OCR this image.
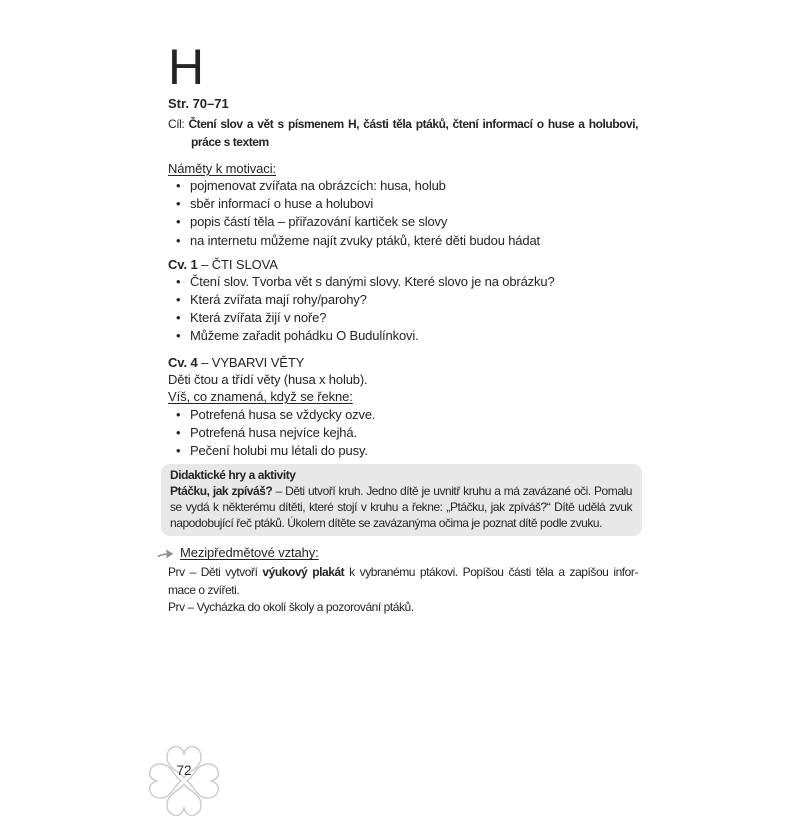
H
Str. 70–71
Cíl: Čtení slov a vět s písmenem H, části těla ptáků, čtení informací o huse a holubovi,
práce s textem
Náměty k motivaci:
• pojmenovat zvířata na obrázcích: husa, holub
• sběr informací o huse a holubovi
• popis částí těla – přiřazování kartiček se slovy
• na internetu můžeme najít zvuky ptáků, které děti budou hádat
Cv. 1 – ČTI SLOVA
• Čtení slov. Tvorba vět s danými slovy. Které slovo je na obrázku?
• Která zvířata mají rohy/parohy?
• Která zvířata žijí v noře?
• Můžeme zařadit pohádku O Budulínkovi.
Cv. 4 – VYBARVI VĚTY
Děti čtou a třídí věty (husa x holub).
Víš, co znamená, když se řekne:
• Potrefená husa se vždycky ozve.
• Potrefená husa nejvíce kejhá.
• Pečení holubi mu létali do pusy.
Didaktické hry a aktivity
Ptáčku, jak zpíváš? – Děti utvoří kruh. Jedno dítě je uvnitř kruhu a má zavázané oči. Pomalu
se vydá k některému dítěti, které stojí v kruhu a řekne: „Ptáčku, jak zpíváš?“ Dítě udělá zvuk
napodobující řeč ptáků. Úkolem dítěte se zavázanýma očima je poznat dítě podle zvuku.
Mezipředmětové vztahy:
Prv – Děti vytvoří výukový plakát k vybranému ptákovi. Popíšou části těla a zapíšou infor-
mace o zvířeti.
Prv – Vycházka do okolí školy a pozorování ptáků.
72
